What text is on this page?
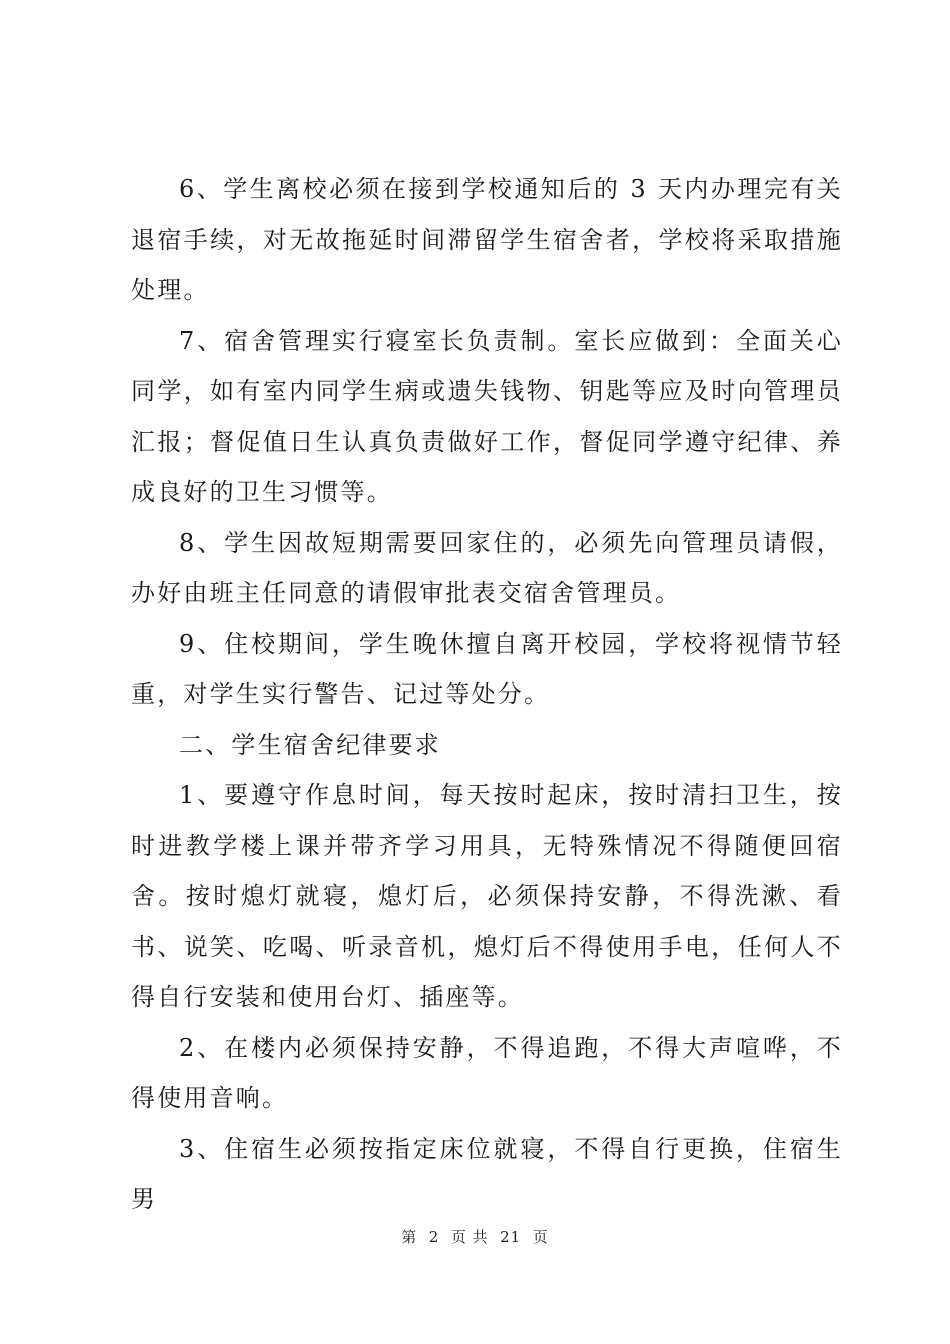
6、学生离校必须在接到学校通知后的 3 天内办理完有关退宿手续，对无故拖延时间滞留学生宿舍者，学校将采取措施处理。

7、宿舍管理实行寝室长负责制。室长应做到：全面关心同学，如有室内同学生病或遗失钱物、钥匙等应及时向管理员汇报；督促值日生认真负责做好工作，督促同学遵守纪律、养成良好的卫生习惯等。

8、学生因故短期需要回家住的，必须先向管理员请假，办好由班主任同意的请假审批表交宿舍管理员。

9、住校期间，学生晚休擅自离开校园，学校将视情节轻重，对学生实行警告、记过等处分。

二、学生宿舍纪律要求

1、要遵守作息时间，每天按时起床，按时清扫卫生，按时进教学楼上课并带齐学习用具，无特殊情况不得随便回宿舍。按时熄灯就寝，熄灯后，必须保持安静，不得洗漱、看书、说笑、吃喝、听录音机，熄灯后不得使用手电，任何人不得自行安装和使用台灯、插座等。

2、在楼内必须保持安静，不得追跑，不得大声喧哗，不得使用音响。

3、住宿生必须按指定床位就寝，不得自行更换，住宿生男

第  2  页 共  21  页
